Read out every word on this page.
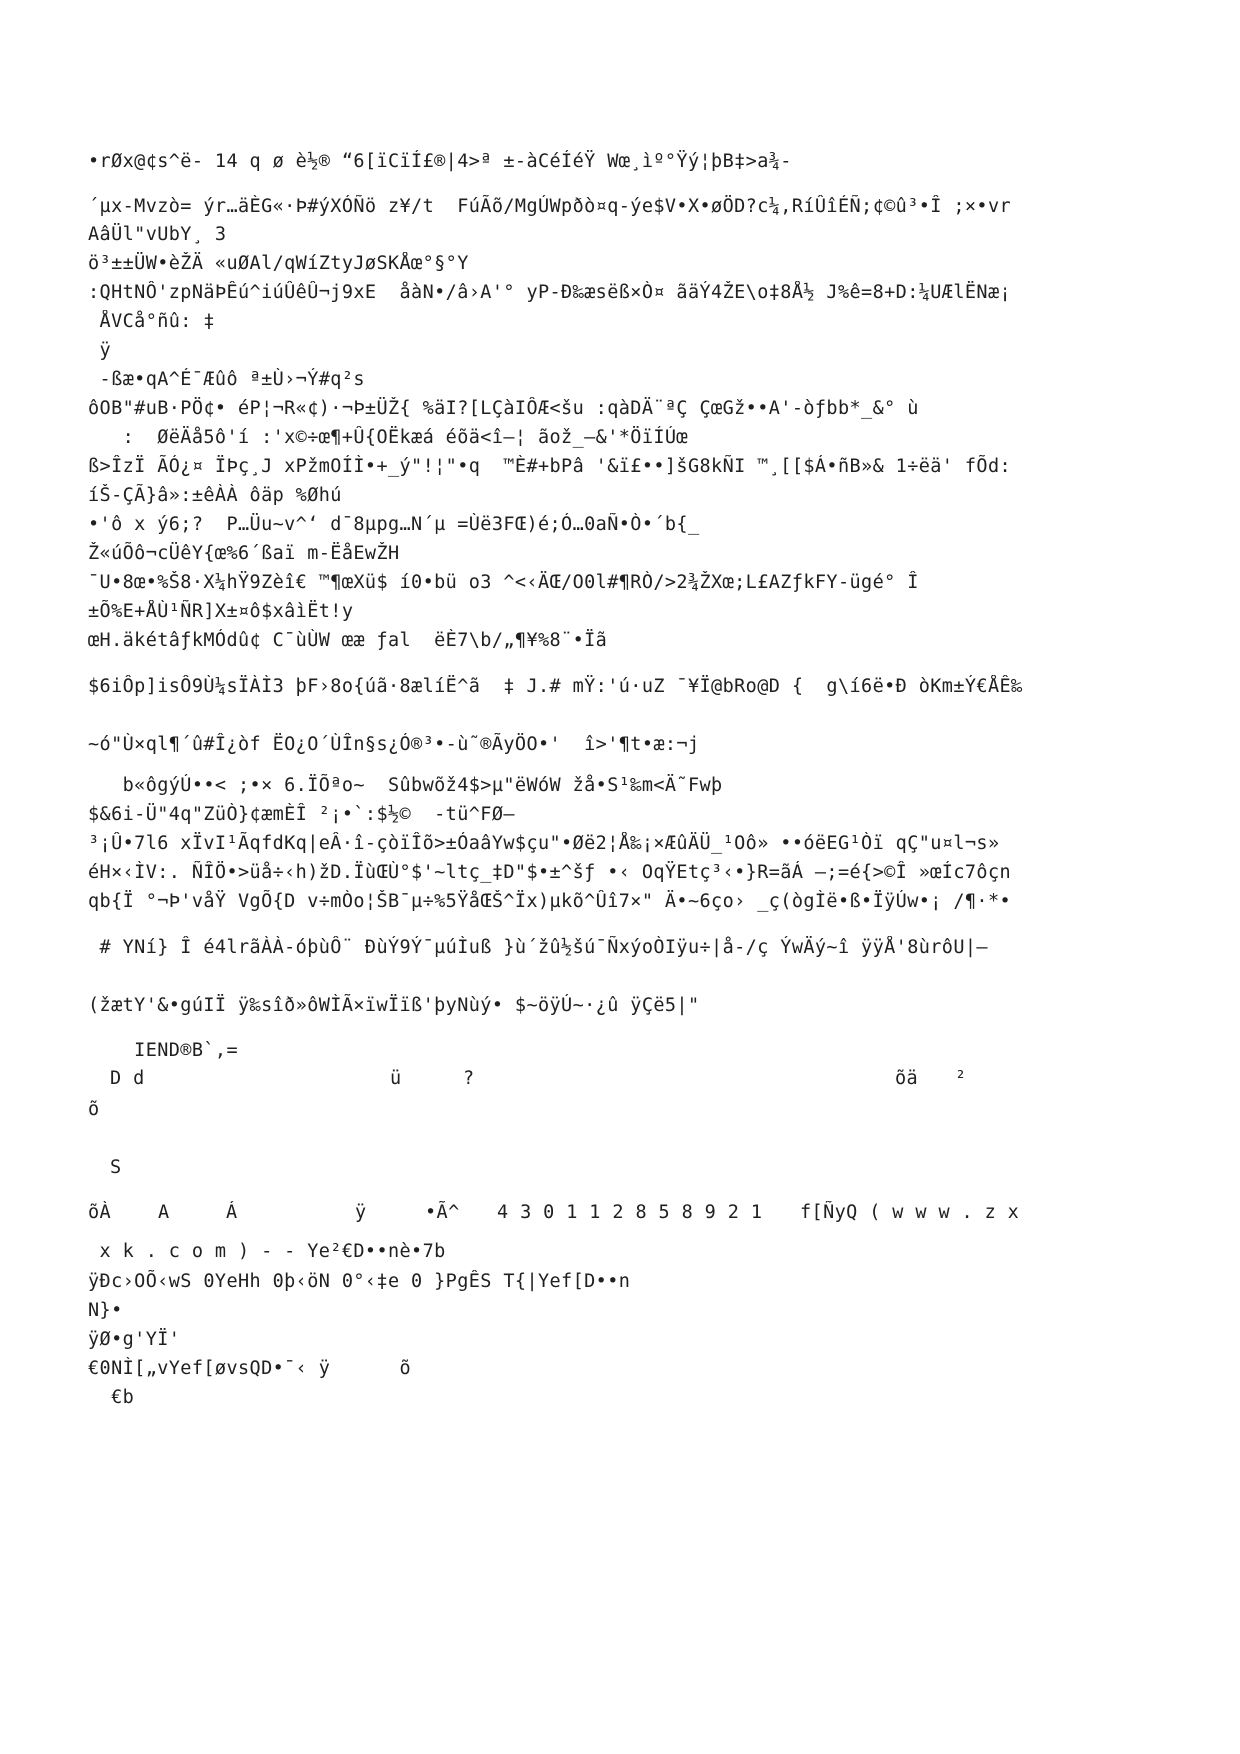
•rØx@¢s^ë- 14 q ø è½® “6[ïCïÍ£®|4>ª ±-àCéÍéŸ Wœ¸ìº°Ÿý¦þB‡>a¾-

´µx-Mvzò= ýr…äÈG«·Þ#ýXÓÑö z¥/t  FúÃõ/MgÚWpðò¤q-ýe$V•X•øÖD?c¼,RíÛîÉÑ;¢©û³•Î ;×•vr

AâÜl"vUbY¸ 3

ö³±±ÜW•èŽÄ «uØAl/qWíZtyJøSKÅœ°§°Y

:QHtNÔ'zpNäÞÊú^iúÛêÛ¬j9xE  åàN•/â›A'° yP-Ð‰æsëß×Ò¤ ãäÝ4ŽE\o‡8Å½ J%ê=8+D:¼UÆlËNæ¡

ÅVCå°ñû: ‡

ÿ

-ßæ•qA^É¯Æûô ª±Ù›¬Ý#q²s

ôOB"#uB·PÖ¢• éP¦¬R«¢)·¬Þ±ÜŽ{ %äI?[LÇàIÔÆ<šu :qàDÄ¨ªÇ ÇœGž••A'-òƒbb*_&° ù

:  ØëÄå5ô'í :'x©÷œ¶+Û{OËkæá éõä<î—¦ ãož_—&'*ÖïÍÚœ

ß>ÎzÏ ÃÓ¿¤ ÏÞç¸J xPžmOÍÌ•+_ý"!¦"•q  ™È#+bPâ '&ï£••]šG8kÑI ™¸[[$Á•ñB»& 1÷ëä' fÕd:

íŠ-ÇÃ}â»:±êÀÀ ôäp %Øhú

•'ô x ý6;?  P…Üu~v^‘ d¯8µpg…N´µ =Ùë3FŒ)é;Ó…0aÑ•Ò•´b{_

Ž«úÕô¬cÜêY{œ%6´ßaï m-ËåEwŽH

¯U•8œ•%Š8·X¼hŸ9Zèî€ ™¶œXü$ í0•bü o3 ^<‹ÄŒ/O0l#¶RÒ/>2¾ŽXœ;L£AZƒkFY-ügé° Î

±Õ%E+ÅÙ¹ÑR]X±¤ô$xâìËt!y

œH.äkétâƒkMÓdû¢ C¯ùÙW œæ ƒal  ëÈ7\b/„¶¥%8¨•Ïã

$6iÔp]isÔ9Ù¼sÏÀÌ3 þF›8o{úã·8ælíË^ã  ‡ J.# mŸ:'ú·uZ ¯¥Ï@bRo@D {  g\í6ë•Ð òKm±Ý€ÅÊ‰

~ó"Ù×ql¶´û#Î¿òf ËO¿O´ÙÎn§s¿Ó®³•-ù˜®ÃyÖO•'  î>'¶t•æ:¬j

b«ôgýÚ••< ;•× 6.ÏÕªo~  Sûbwõž4$>µ"ëWóW žå•S¹‰m<Ä˜Fwþ

$&6i-Ü"4q"ZüÒ}¢æmÈÎ ²¡•`:$½©  -tü^FØ—

³¡Û•7l6 xÏvI¹ÃqfdKq|eÂ·î-çòïÎõ>±ÓaâYw$çu"•Øë2¦Å‰¡×ÆûÄÜ_¹Oô» ••óëEG¹Òï qÇ"u¤l¬s»

éH×‹ÌV:. ÑÎÖ•>üå÷‹h)žD.ÏùŒÙ°$'~ltç_‡D"$•±^šƒ •‹ OqŸEtç³‹•}R=ãÁ —;=é{>©Î »œÍc7ôçn

qb{Ï °¬Þ'våŸ VgÕ{D v÷mÒo¦ŠB¯µ÷%5ŸåŒŠ^Ïx)µkõ^Ûî7×" Ä•~6ço› _ç(ògÌë•ß•ÏÿÚw•¡ /¶·*•

# YNí} Î é4lrãÀÀ-óþùÔ¨ ÐùÝ9Ý¯µúÌuß }ù´žû½šú¯ÑxýoÒIÿu÷|å-/ç ÝwÄý~î ÿÿÅ'8ùrôU|—

(žætY'&•gúIÏ ÿ‰sîð»ôWÌÃ×ïwÏïß'þyNùý• $~öÿÚ~·¿û ÿÇë5|"

IEND®B`,=

D d	ü	?	õä ²
õ
S
õÀ	A	Á	ÿ	•Ã^ 4 3 0 1 1 2 8 5 8 9 2 1 f[ÑyQ ( w w w . z x

x k . c o m ) - - Ye²€D••nè•7b

ÿÐc›OÕ‹wS 0YeHh 0þ‹öN 0°‹‡e 0 }PgÊS T{|Yef[D••n

N}•

ÿØ•g'YÏ'

€0NÌ[„vYef[øvsQD•¯‹ ÿ      õ

€b
